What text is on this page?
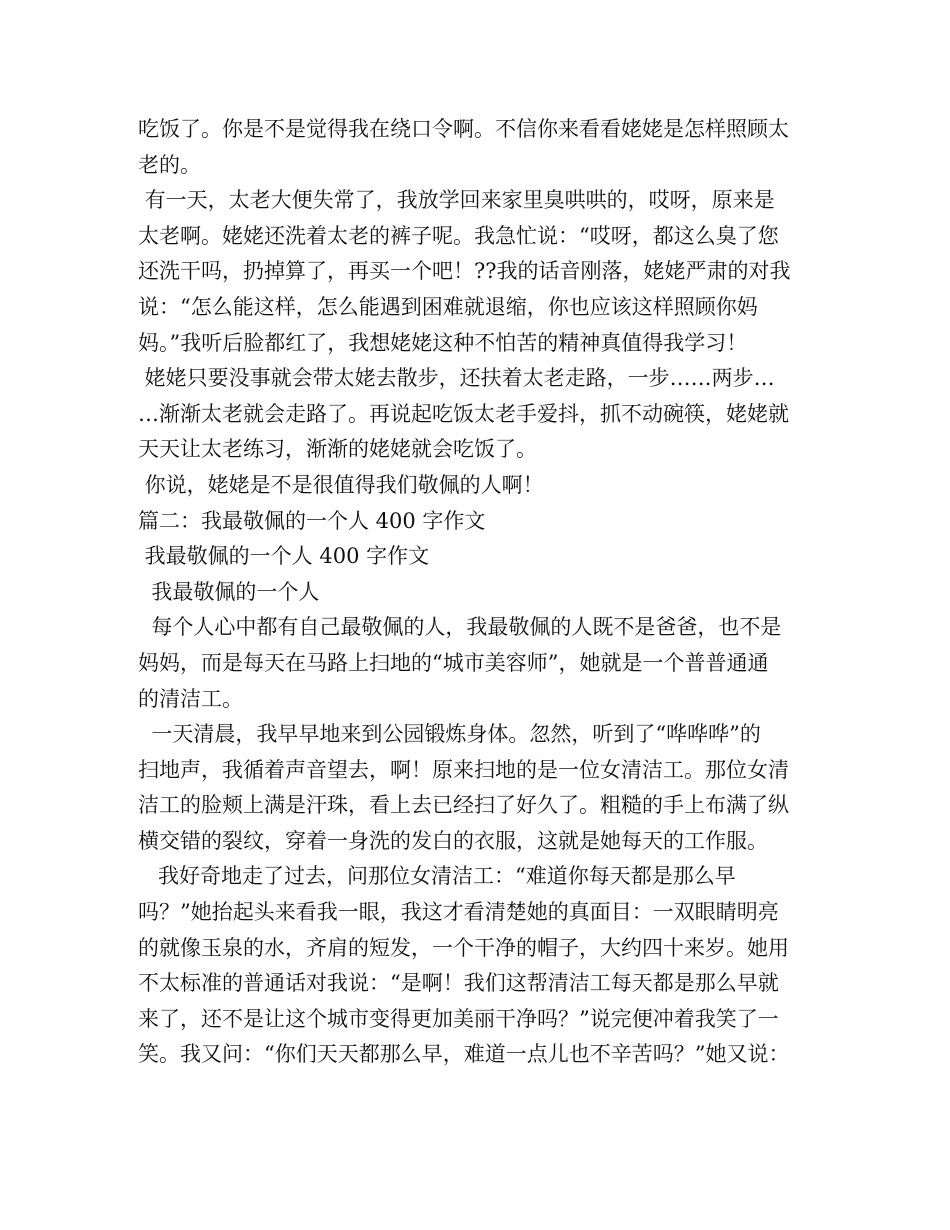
吃饭了。你是不是觉得我在绕口令啊。不信你来看看姥姥是怎样照顾太
老的。
有一天，太老大便失常了，我放学回来家里臭哄哄的，哎呀，原来是
太老啊。姥姥还洗着太老的裤子呢。我急忙说：“哎呀，都这么臭了您
还洗干吗，扔掉算了，再买一个吧！??我的话音刚落，姥姥严肃的对我
说：“怎么能这样，怎么能遇到困难就退缩，你也应该这样照顾你妈
妈。”我听后脸都红了，我想姥姥这种不怕苦的精神真值得我学习！
姥姥只要没事就会带太姥去散步，还扶着太老走路，一步……两步…
…渐渐太老就会走路了。再说起吃饭太老手爱抖，抓不动碗筷，姥姥就
天天让太老练习，渐渐的姥姥就会吃饭了。
你说，姥姥是不是很值得我们敬佩的人啊！
篇二：我最敬佩的一个人 400 字作文
我最敬佩的一个人 400 字作文
我最敬佩的一个人
每个人心中都有自己最敬佩的人，我最敬佩的人既不是爸爸，也不是
妈妈，而是每天在马路上扫地的“城市美容师”，她就是一个普普通通
的清洁工。
一天清晨，我早早地来到公园锻炼身体。忽然，听到了“哗哗哗”的
扫地声，我循着声音望去，啊！原来扫地的是一位女清洁工。那位女清
洁工的脸颊上满是汗珠，看上去已经扫了好久了。粗糙的手上布满了纵
横交错的裂纹，穿着一身洗的发白的衣服，这就是她每天的工作服。
我好奇地走了过去，问那位女清洁工：“难道你每天都是那么早
吗？”她抬起头来看我一眼，我这才看清楚她的真面目：一双眼睛明亮
的就像玉泉的水，齐肩的短发，一个干净的帽子，大约四十来岁。她用
不太标准的普通话对我说：“是啊！我们这帮清洁工每天都是那么早就
来了，还不是让这个城市变得更加美丽干净吗？”说完便冲着我笑了一
笑。我又问：“你们天天都那么早，难道一点儿也不辛苦吗？”她又说：
